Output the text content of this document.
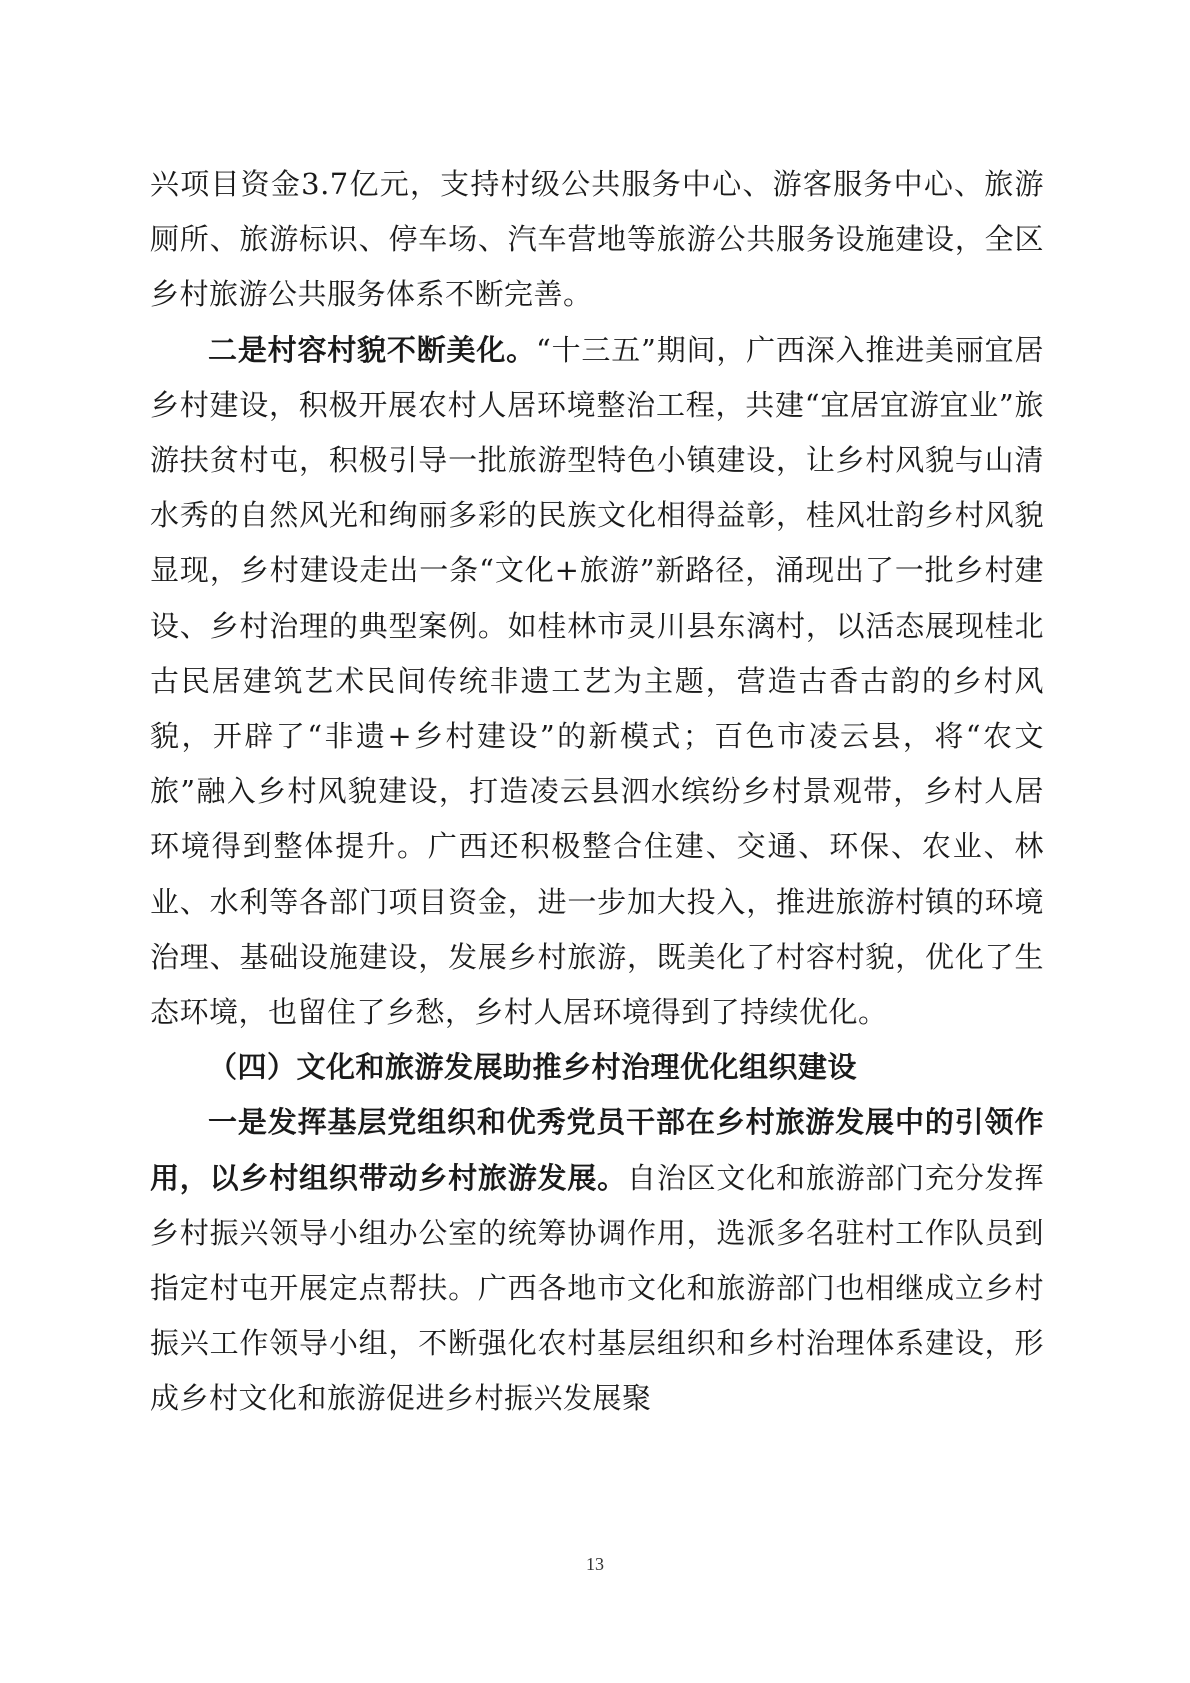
兴项目资金3.7亿元，支持村级公共服务中心、游客服务中心、旅游厕所、旅游标识、停车场、汽车营地等旅游公共服务设施建设，全区乡村旅游公共服务体系不断完善。

二是村容村貌不断美化。“十三五”期间，广西深入推进美丽宜居乡村建设，积极开展农村人居环境整治工程，共建“宜居宜游宜业”旅游扶贫村屯，积极引导一批旅游型特色小镇建设，让乡村风貌与山清水秀的自然风光和绚丽多彩的民族文化相得益彰，桂风壮韵乡村风貌显现，乡村建设走出一条“文化+旅游”新路径，涌现出了一批乡村建设、乡村治理的典型案例。如桂林市灵川县东漓村，以活态展现桂北古民居建筑艺术民间传统非遗工艺为主题，营造古香古韵的乡村风貌，开辟了“非遗+乡村建设”的新模式；百色市凌云县，将“农文旅”融入乡村风貌建设，打造凌云县泗水缤纷乡村景观带，乡村人居环境得到整体提升。广西还积极整合住建、交通、环保、农业、林业、水利等各部门项目资金，进一步加大投入，推进旅游村镇的环境治理、基础设施建设，发展乡村旅游，既美化了村容村貌，优化了生态环境，也留住了乡愁，乡村人居环境得到了持续优化。

（四）文化和旅游发展助推乡村治理优化组织建设

一是发挥基层党组织和优秀党员干部在乡村旅游发展中的引领作用，以乡村组织带动乡村旅游发展。自治区文化和旅游部门充分发挥乡村振兴领导小组办公室的统筹协调作用，选派多名驻村工作队员到指定村屯开展定点帮扶。广西各地市文化和旅游部门也相继成立乡村振兴工作领导小组，不断强化农村基层组织和乡村治理体系建设，形成乡村文化和旅游促进乡村振兴发展聚

13
